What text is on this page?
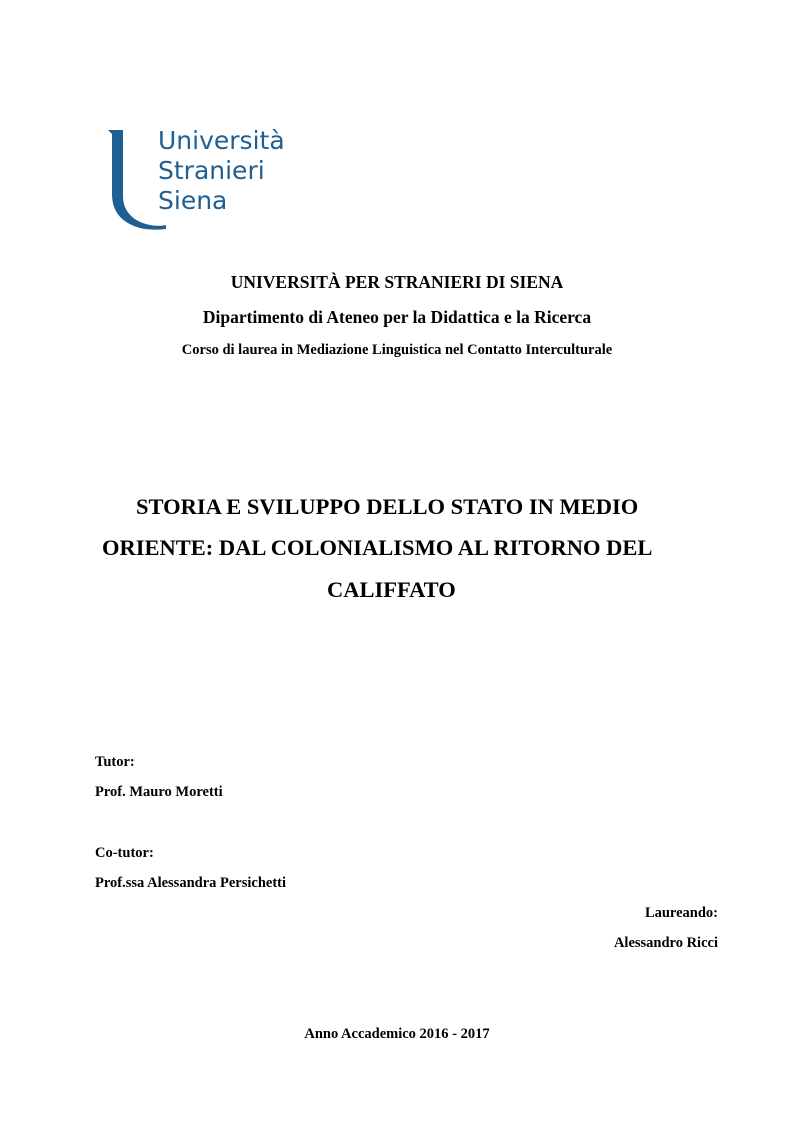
Università
Stranieri
Siena
UNIVERSITÀ PER STRANIERI DI SIENA
Dipartimento di Ateneo per la Didattica e la Ricerca
Corso di laurea in Mediazione Linguistica nel Contatto Interculturale
STORIA E SVILUPPO DELLO STATO IN MEDIO
ORIENTE: DAL COLONIALISMO AL RITORNO DEL
CALIFFATO
Tutor:
Prof. Mauro Moretti
Co-tutor:
Prof.ssa Alessandra Persichetti
Laureando:
Alessandro Ricci
Anno Accademico 2016 - 2017
